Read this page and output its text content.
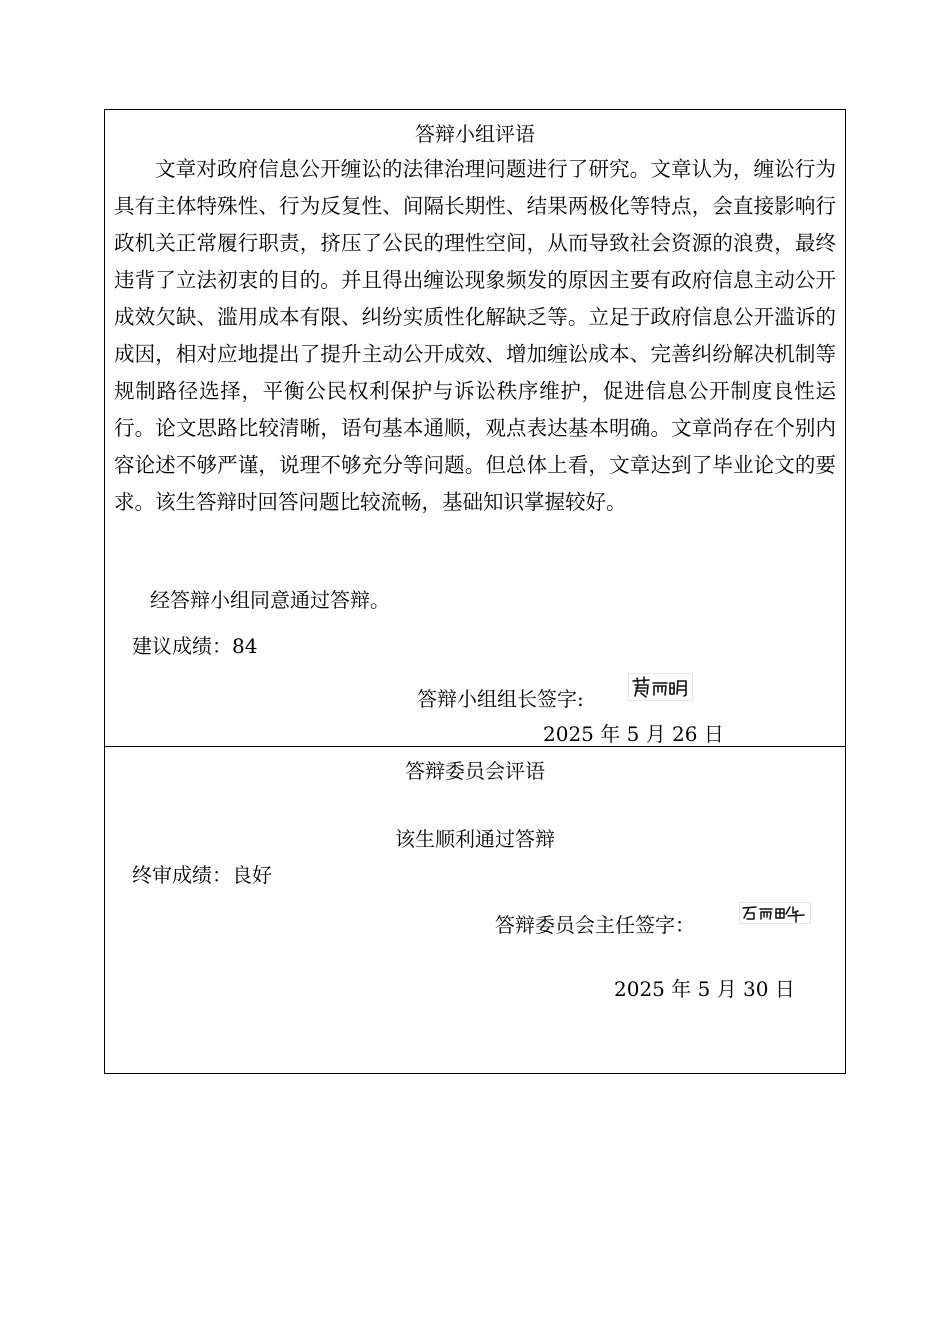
答辩小组评语

文章对政府信息公开缠讼的法律治理问题进行了研究。文章认为，缠讼行为具有主体特殊性、行为反复性、间隔长期性、结果两极化等特点，会直接影响行政机关正常履行职责，挤压了公民的理性空间，从而导致社会资源的浪费，最终违背了立法初衷的目的。并且得出缠讼现象频发的原因主要有政府信息主动公开成效欠缺、滥用成本有限、纠纷实质性化解缺乏等。立足于政府信息公开滥诉的成因，相对应地提出了提升主动公开成效、增加缠讼成本、完善纠纷解决机制等规制路径选择，平衡公民权利保护与诉讼秩序维护，促进信息公开制度良性运行。论文思路比较清晰，语句基本通顺，观点表达基本明确。文章尚存在个别内容论述不够严谨，说理不够充分等问题。但总体上看，文章达到了毕业论文的要求。该生答辩时回答问题比较流畅，基础知识掌握较好。

经答辩小组同意通过答辩。
建议成绩：84
答辩小组组长签字:
2025 年 5 月 26 日
答辩委员会评语
该生顺利通过答辩
终审成绩：良好
答辩委员会主任签字：
2025 年 5 月 30 日
